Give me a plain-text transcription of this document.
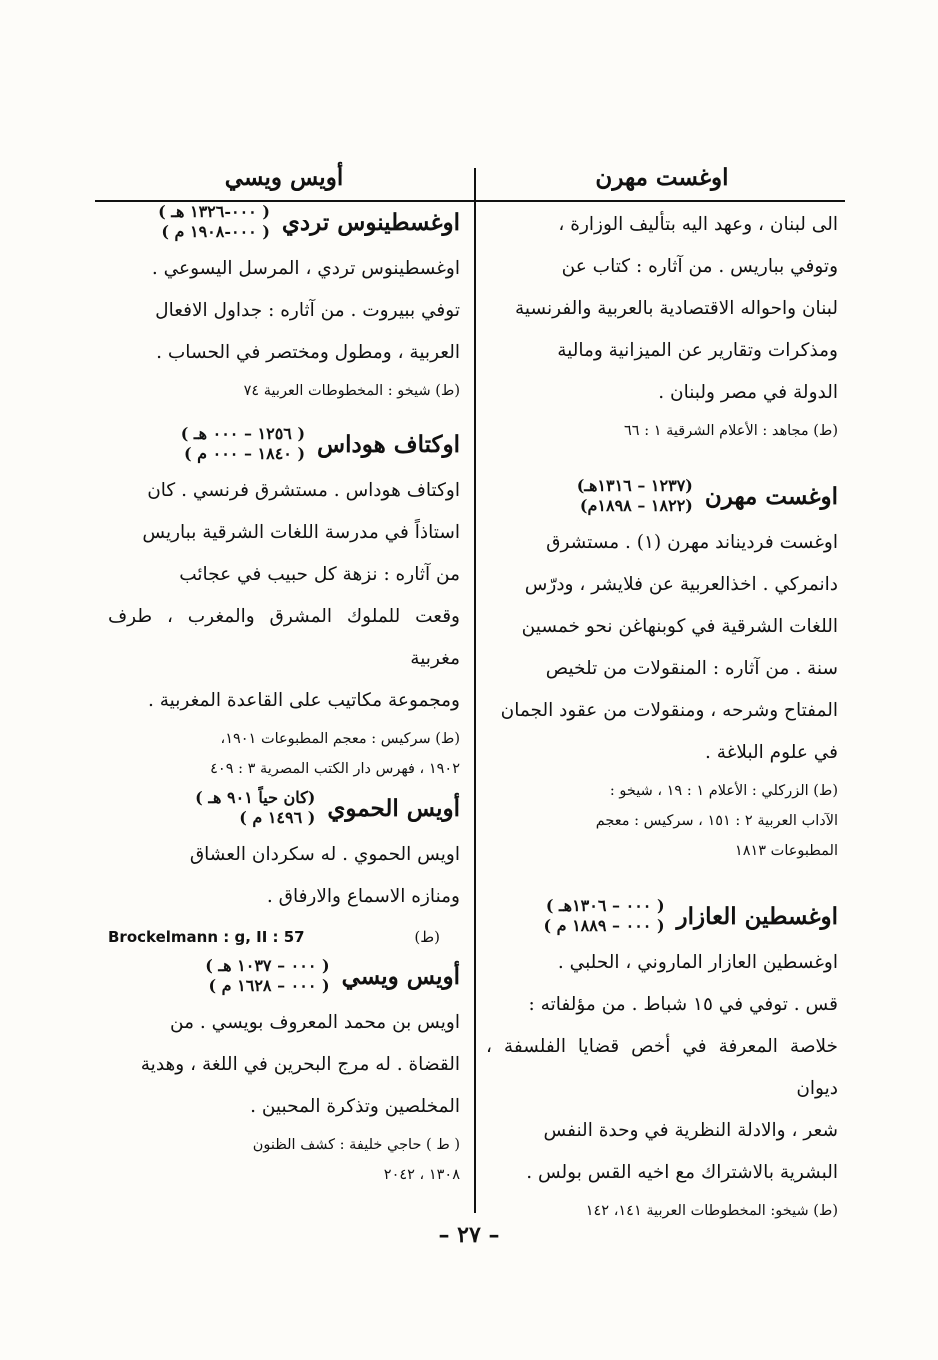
اوغست مهرن

الى لبنان ، وعهد اليه بتأليف الوزارة ،

وتوفي بباريس . من آثاره : كتاب عن

لبنان واحواله الاقتصادية بالعربية والفرنسية

ومذكرات وتقارير عن الميزانية ومالية

الدولة في مصر ولبنان .

(ط) مجاهد : الأعلام الشرقية ١ : ٦٦
اوغست مهرن
(١٢٣٧ – ١٣١٦هـ)
(١٨٢٢ – ١٨٩٨م)

اوغست فرديناند مهرن (١) . مستشرق

دانمركي . اخذالعربية عن فلايشر ، ودرّس

اللغات الشرقية في كوبنهاغن نحو خمسين

سنة . من آثاره : المنقولات من تلخيص

المفتاح وشرحه ، ومنقولات من عقود الجمان

في علوم البلاغة .

(ط) الزركلي : الأعلام ١ : ١٩ ، شيخو :
الآداب العربية ٢ : ١٥١ ، سركيس : معجم
المطبوعات ١٨١٣
اوغسطين العازار
( ٠٠٠ – ١٣٠٦هـ )
( ٠٠٠ – ١٨٨٩ م )

اوغسطين العازار الماروني ، الحلبي .

قس . توفي في ١٥ شباط . من مؤلفاته :

خلاصة المعرفة في أخص قضايا الفلسفة ، ديوان

شعر ، والادلة النظرية في وحدة النفس

البشرية بالاشتراك مع اخيه القس بولس .

(ط) شيخو: المخطوطات العربية ١٤١، ١٤٢
أويس ويسي
اوغسطينوس تردي
( ٠٠٠-١٣٢٦ هـ )
( ٠٠٠-١٩٠٨ م )

اوغسطينوس تردي ، المرسل اليسوعي .

توفي ببيروت . من آثاره : جداول الافعال

العربية ، ومطول ومختصر في الحساب .

(ط) شيخو : المخطوطات العربية ٧٤
اوكتاف هوداس
( ١٢٥٦ – ٠٠٠ هـ )
( ١٨٤٠ – ٠٠٠ م )

اوكتاف هوداس . مستشرق فرنسي . كان

استاذاً في مدرسة اللغات الشرقية بباريس

من آثاره : نزهة كل حبيب في عجائب

وقعت للملوك المشرق والمغرب ، طرف مغربية

ومجموعة مكاتيب على القاعدة المغربية .

(ط) سركيس : معجم المطبوعات ١٩٠١،
١٩٠٢ ، فهرس دار الكتب المصرية ٣ : ٤٠٩
أويس الحموي
(كان حياً ٩٠١ هـ )
( ١٤٩٦ م )

اويس الحموي . له سكردان العشاق

ومنازه الاسماع والارفاق .

(ط)
Brockelmann : g, II : 57
أويس ويسي
( ٠٠٠ – ١٠٣٧ هـ )
( ٠٠٠ – ١٦٢٨ م )

اويس بن محمد المعروف بويسي . من

القضاة . له مرج البحرين في اللغة ، وهدية

المخلصين وتذكرة المحبين .

( ط ) حاجي خليفة : كشف الظنون
١٣٠٨ ، ٢٠٤٢
– ٢٧ –
